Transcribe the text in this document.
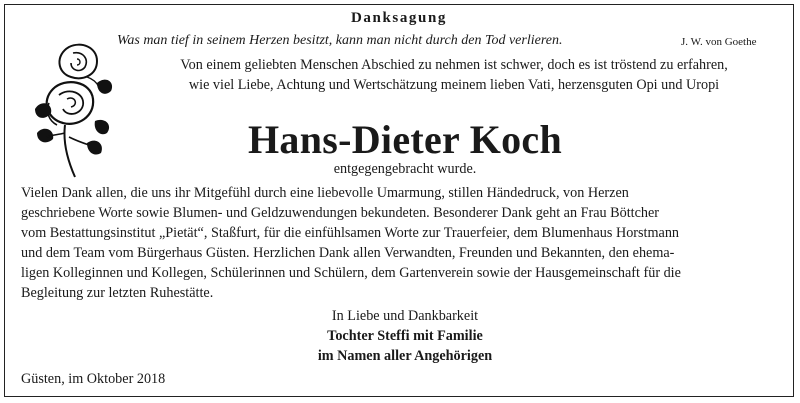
Danksagung
Was man tief in seinem Herzen besitzt, kann man nicht durch den Tod verlieren.	J. W. von Goethe
Von einem geliebten Menschen Abschied zu nehmen ist schwer, doch es ist tröstend zu erfahren,
wie viel Liebe, Achtung und Wertschätzung meinem lieben Vati, herzensguten Opi und Uropi
Hans-Dieter Koch
entgegengebracht wurde.
Vielen Dank allen, die uns ihr Mitgefühl durch eine liebevolle Umarmung, stillen Händedruck, von Herzen
geschriebene Worte sowie Blumen- und Geldzuwendungen bekundeten. Besonderer Dank geht an Frau Böttcher
vom Bestattungsinstitut „Pietät“, Staßfurt, für die einfühlsamen Worte zur Trauerfeier, dem Blumenhaus Horstmann
und dem Team vom Bürgerhaus Güsten. Herzlichen Dank allen Verwandten, Freunden und Bekannten, den ehema-
ligen Kolleginnen und Kollegen, Schülerinnen und Schülern, dem Gartenverein sowie der Hausgemeinschaft für die
Begleitung zur letzten Ruhestätte.
In Liebe und Dankbarkeit
Tochter Steffi mit Familie
im Namen aller Angehörigen
Güsten, im Oktober 2018
